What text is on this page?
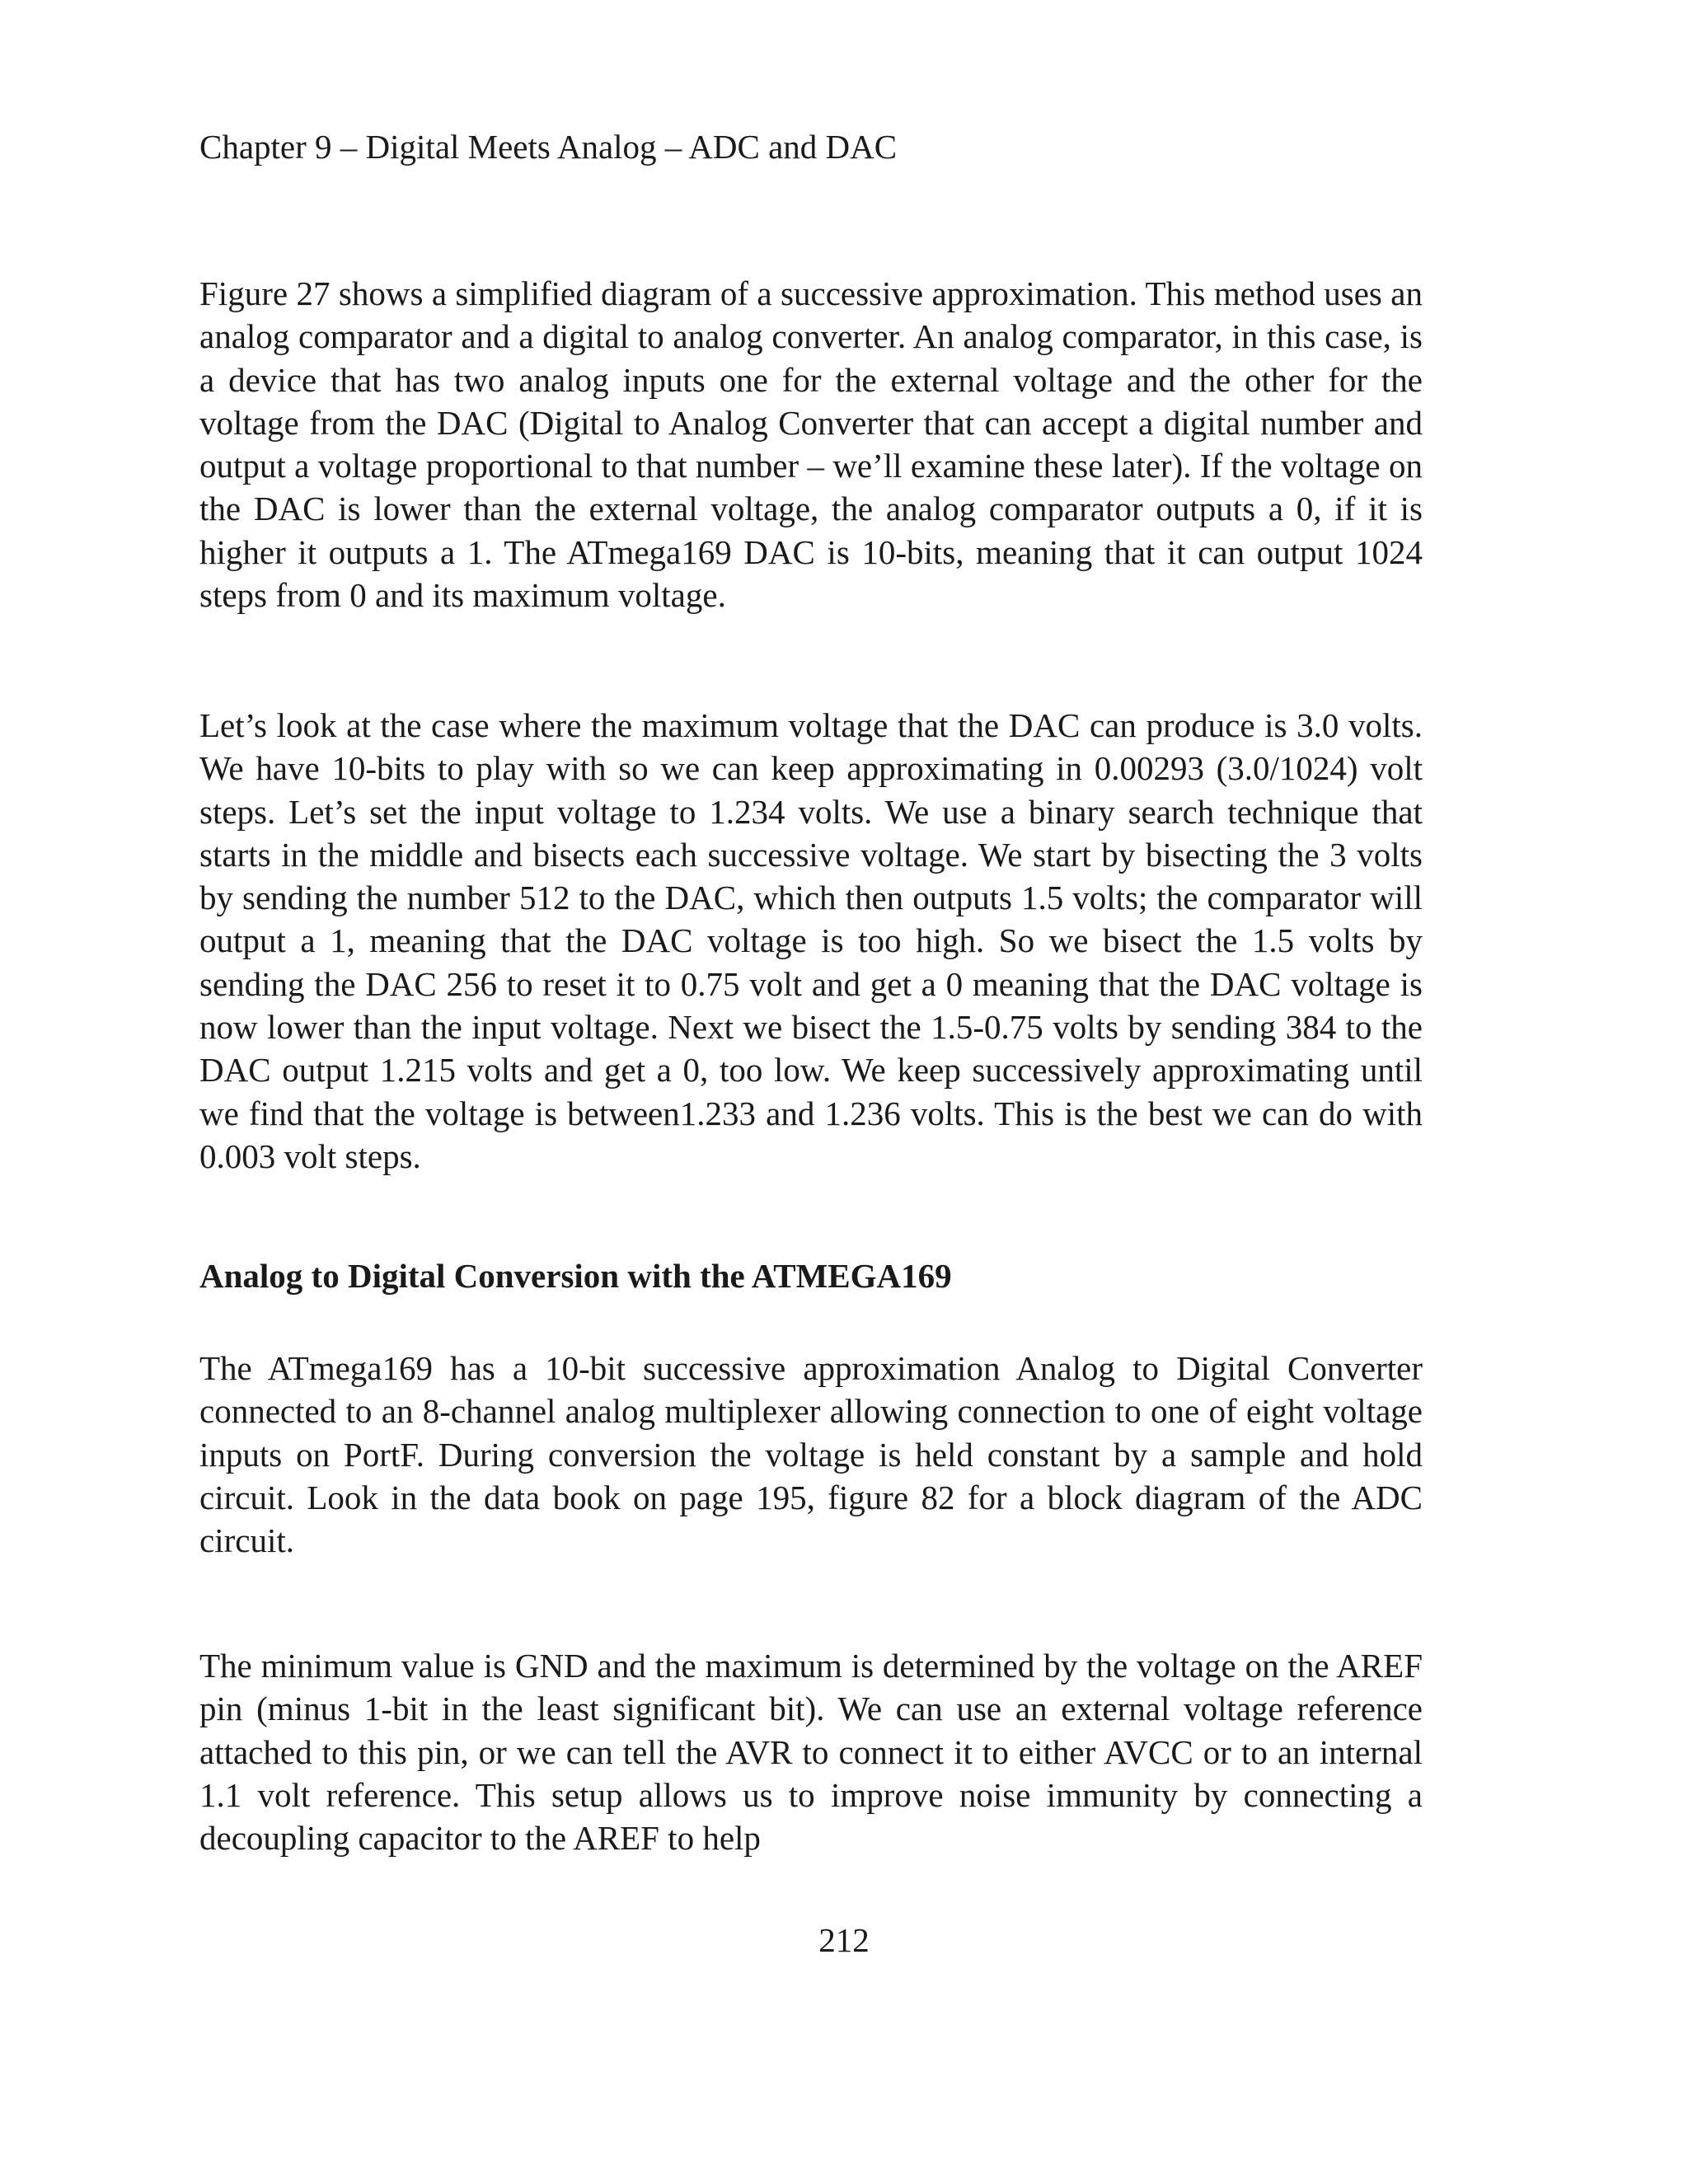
Chapter 9 – Digital Meets Analog – ADC and DAC

Figure 27 shows a simplified diagram of a successive approximation. This method uses an analog comparator and a digital to analog converter. An analog comparator, in this case, is a device that has two analog inputs one for the external voltage and the other for the voltage from the DAC (Digital to Analog Converter that can accept a digital number and output a voltage proportional to that number – we’ll examine these later). If the voltage on the DAC is lower than the external voltage, the analog comparator outputs a 0, if it is higher it outputs a 1. The ATmega169 DAC is 10-bits, meaning that it can output 1024 steps from 0 and its maximum voltage.

Let’s look at the case where the maximum voltage that the DAC can produce is 3.0 volts. We have 10-bits to play with so we can keep approximating in 0.00293 (3.0/1024) volt steps. Let’s set the input voltage to 1.234 volts. We use a binary search technique that starts in the middle and bisects each successive voltage. We start by bisecting the 3 volts by sending the number 512 to the DAC, which then outputs 1.5 volts; the comparator will output a 1, meaning that the DAC voltage is too high. So we bisect the 1.5 volts by sending the DAC 256 to reset it to 0.75 volt and get a 0 meaning that the DAC voltage is now lower than the input voltage. Next we bisect the 1.5-0.75 volts by sending 384 to the DAC output 1.215 volts and get a 0, too low. We keep successively approximating until we find that the voltage is between1.233 and 1.236 volts. This is the best we can do with 0.003 volt steps.

Analog to Digital Conversion with the ATMEGA169

The ATmega169 has a 10-bit successive approximation Analog to Digital Converter connected to an 8-channel analog multiplexer allowing connection to one of eight voltage inputs on PortF. During conversion the voltage is held constant by a sample and hold circuit. Look in the data book on page 195, figure 82 for a block diagram of the ADC circuit.

The minimum value is GND and the maximum is determined by the voltage on the AREF pin (minus 1-bit in the least significant bit). We can use an external voltage reference attached to this pin, or we can tell the AVR to connect it to either AVCC or to an internal 1.1 volt reference. This setup allows us to improve noise immunity by connecting a decoupling capacitor to the AREF to help

212
